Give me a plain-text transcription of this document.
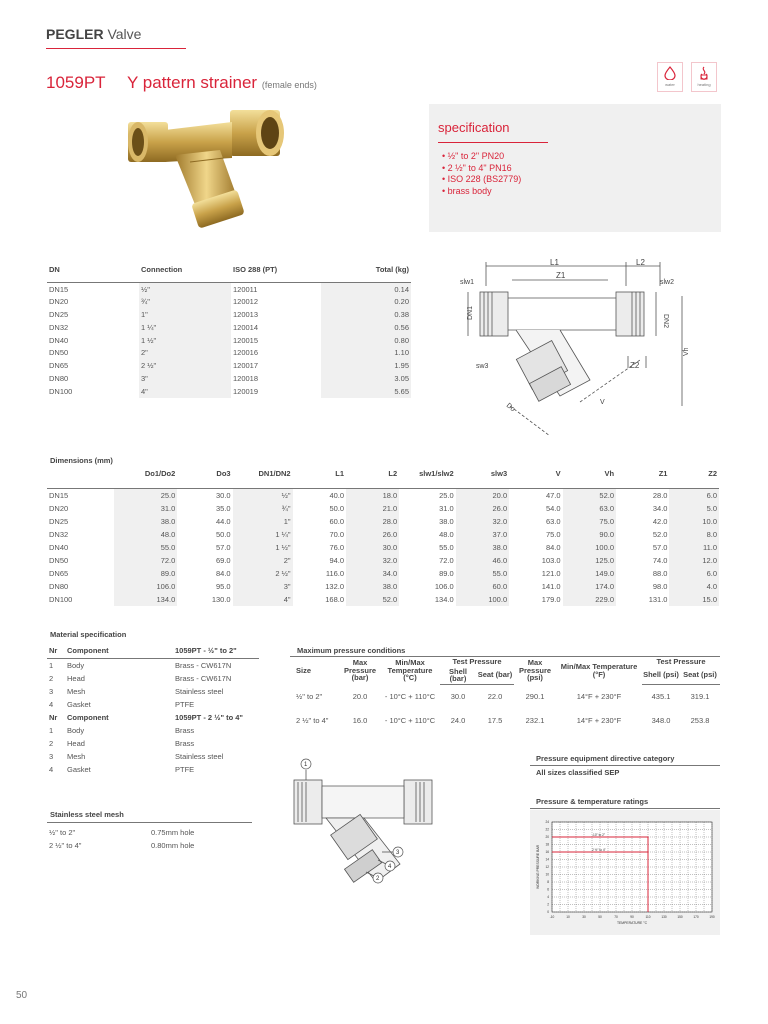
PEGLER Valve
1059PT Y pattern strainer (female ends)	water	heating
specification
• ½" to 2" PN20
• 2 ½" to 4" PN16
• ISO 228 (BS2779)
• brass body
DN	Connection	ISO 288 (PT)	Total (kg)
DN15	½"	120011	0.14
DN20	¾"	120012	0.20
DN25	1"	120013	0.38
DN32	1 ¼"	120014	0.56
DN40	1 ½"	120015	0.80
DN50	2"	120016	1.10
DN65	2 ½"	120017	1.95
DN80	3"	120018	3.05
DN100	4"	120019	5.65
L1	L2
Z1
Z2
slw1	slw2
sw3
DN1
DN2
Vh
V
Do
Dimensions (mm)
	Do1/Do2	Do3	DN1/DN2	L1	L2	slw1/slw2	slw3	V	Vh	Z1	Z2
DN15	25.0	30.0	½"	40.0	18.0	25.0	20.0	47.0	52.0	28.0	6.0
DN20	31.0	35.0	¾"	50.0	21.0	31.0	26.0	54.0	63.0	34.0	5.0
DN25	38.0	44.0	1"	60.0	28.0	38.0	32.0	63.0	75.0	42.0	10.0
DN32	48.0	50.0	1 ¼"	70.0	26.0	48.0	37.0	75.0	90.0	52.0	8.0
DN40	55.0	57.0	1 ½"	76.0	30.0	55.0	38.0	84.0	100.0	57.0	11.0
DN50	72.0	69.0	2"	94.0	32.0	72.0	46.0	103.0	125.0	74.0	12.0
DN65	89.0	84.0	2 ½"	116.0	34.0	89.0	55.0	121.0	149.0	88.0	6.0
DN80	106.0	95.0	3"	132.0	38.0	106.0	60.0	141.0	174.0	98.0	4.0
DN100	134.0	130.0	4"	168.0	52.0	134.0	100.0	179.0	229.0	131.0	15.0
Material specification
Nr	Component	1059PT - ½" to 2"
1	Body	Brass - CW617N
2	Head	Brass - CW617N
3	Mesh	Stainless steel
4	Gasket	PTFE
Nr	Component	1059PT - 2 ½" to 4"
1	Body	Brass
2	Head	Brass
3	Mesh	Stainless steel
4	Gasket	PTFE
Stainless steel mesh
½" to 2"	0.75mm hole
2 ½" to 4"	0.80mm hole
1
3
4
2
Maximum pressure conditions
Size	Max Pressure (bar)	Min/Max Temperature (°C)	Test Pressure		Max Pressure (psi)	Min/Max Temperature (°F)	Test Pressure	
			Shell (bar)	Seat (bar)			Shell (psi)	Seat (psi)
½" to 2"	20.0	- 10°C + 110°C	30.0	22.0	290.1	14°F + 230°F	435.1	319.1
2 ½" to 4"	16.0	- 10°C + 110°C	24.0	17.5	232.1	14°F + 230°F	348.0	253.8
Pressure equipment directive category
All sizes classified SEP
Pressure & temperature ratings
-10	10	30	50	70	90	110	130	150	170	190
0
2
4
6
8
10
12
14
16
18
20
22
24
-10" to 2"
2 ½" to 4"
TEMPERATURE °C
WORKING PRESSURE BAR
50
